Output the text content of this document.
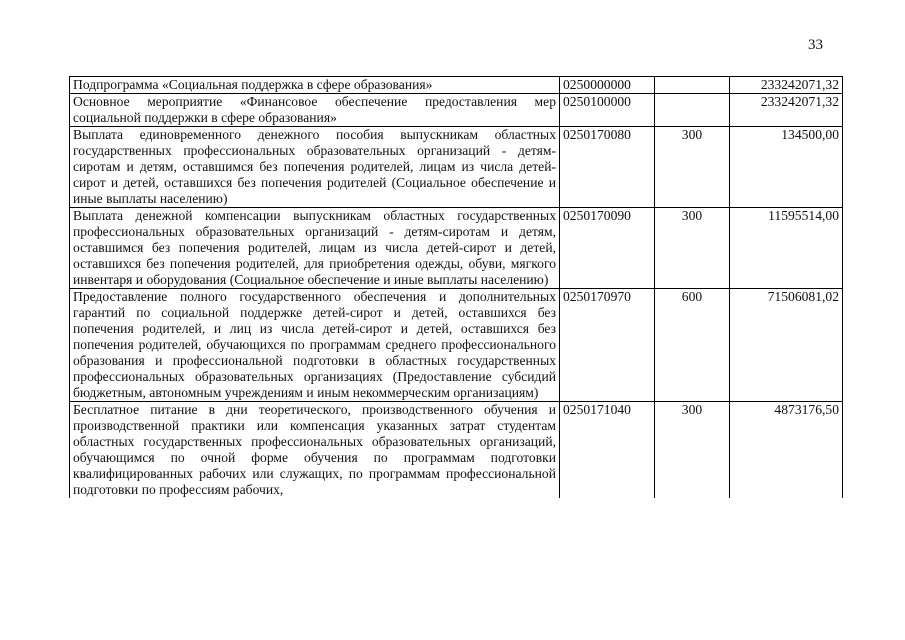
33
Подпрограмма «Социальная поддержка в сфере образования»	0250000000		233242071,32
Основное мероприятие «Финансовое обеспечение предоставления мер социальной поддержки в сфере образования»	0250100000		233242071,32
Выплата единовременного денежного пособия выпускникам областных государственных профессиональных образовательных организаций - детям-сиротам и детям, оставшимся без попечения родителей, лицам из числа детей-сирот и детей, оставшихся без попечения родителей (Социальное обеспечение и иные выплаты населению)	0250170080	300	134500,00
Выплата денежной компенсации выпускникам областных государственных профессиональных образовательных организаций - детям-сиротам и детям, оставшимся без попечения родителей, лицам из числа детей-сирот и детей, оставшихся без попечения родителей, для приобретения одежды, обуви, мягкого инвентаря и оборудования (Социальное обеспечение и иные выплаты населению)	0250170090	300	11595514,00
Предоставление полного государственного обеспечения и дополнительных гарантий по социальной поддержке детей-сирот и детей, оставшихся без попечения родителей, и лиц из числа детей-сирот и детей, оставшихся без попечения родителей, обучающихся по программам среднего профессионального образования и профессиональной подготовки в областных государственных профессиональных образовательных организациях (Предоставление субсидий бюджетным, автономным учреждениям и иным некоммерческим организациям)	0250170970	600	71506081,02
Бесплатное питание в дни теоретического, производственного обучения и производственной практики или компенсация указанных затрат студентам областных государственных профессиональных образовательных организаций, обучающимся по очной форме обучения по программам подготовки квалифицированных рабочих или служащих, по программам профессиональной подготовки по профессиям рабочих,	0250171040	300	4873176,50
